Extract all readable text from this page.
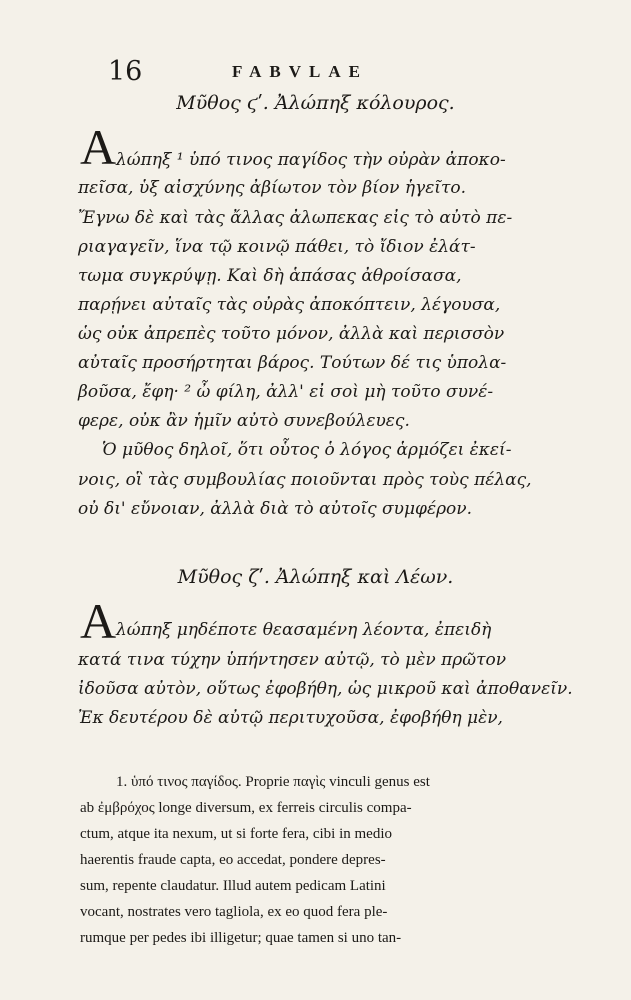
16	FABVLAE
Μῦθος ϛʹ. Ἀλώπηξ κόλουρος.
Α λώπηξ ¹ ὑπό τινος παγίδος τὴν οὐρὰν ἀποκο-
πεῖσα, ὑξ αἰσχύνης ἀβίωτον τὸν βίον ἡγεῖτο.
Ἔγνω δὲ καὶ τὰς ἄλλας ἀλωπεκας εἰς τὸ αὐτὸ πε-
ριαγαγεῖν, ἵνα τῷ κοινῷ πάθει, τὸ ἴδιον ἐλάτ-
τωμα συγκρύψῃ. Καὶ δὴ ἁπάσας ἀθροίσασα,
παρῄνει αὐταῖς τὰς οὐρὰς ἀποκόπτειν, λέγουσα,
ὡς οὐκ ἀπρεπὲς τοῦτο μόνον, ἀλλὰ καὶ περισσὸν
αὐταῖς προσήρτηται βάρος. Τούτων δέ τις ὑπολα-
βοῦσα, ἔφη· ² ὦ φίλη, ἀλλ' εἰ σοὶ μὴ τοῦτο συνέ-
φερε, οὐκ ἂν ἡμῖν αὐτὸ συνεβούλευες.
Ὁ μῦθος δηλοῖ, ὅτι οὗτος ὁ λόγος ἁρμόζει ἐκεί-
νοις, οἳ τὰς συμβουλίας ποιοῦνται πρὸς τοὺς πέλας,
οὐ δι' εὔνοιαν, ἀλλὰ διὰ τὸ αὐτοῖς συμφέρον.
Μῦθος ζʹ. Ἀλώπηξ καὶ Λέων.
Α λώπηξ μηδέποτε θεασαμένη λέοντα, ἐπειδὴ
κατά τινα τύχην ὑπήντησεν αὐτῷ, τὸ μὲν πρῶτον
ἰδοῦσα αὐτὸν, οὕτως ἐφοβήθη, ὡς μικροῦ καὶ ἀποθανεῖν.
Ἐκ δευτέρου δὲ αὐτῷ περιτυχοῦσα, ἐφοβήθη μὲν,
1. ὑπό τινος παγίδος. Proprie παγὶς vinculi genus est
ab ἐμβρόχος longe diversum, ex ferreis circulis compa-
ctum, atque ita nexum, ut si forte fera, cibi in medio
haerentis fraude capta, eo accedat, pondere depres-
sum, repente claudatur. Illud autem pedicam Latini
vocant, nostrates vero tagliola, ex eo quod fera ple-
rumque per pedes ibi illigetur; quae tamen si uno tan-
